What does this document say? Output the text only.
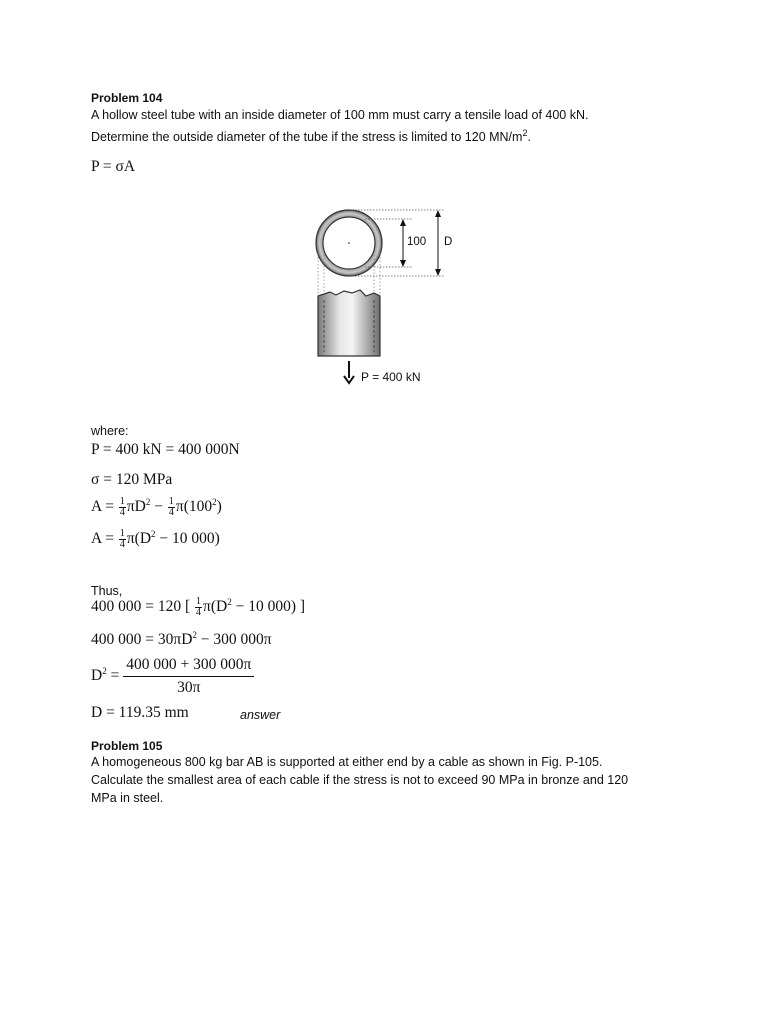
Problem 104
A hollow steel tube with an inside diameter of 100 mm must carry a tensile load of 400 kN.
Determine the outside diameter of the tube if the stress is limited to 120 $MN/m^2$.
P = σA
100 D
P = 400 kN
where:
P = 400 kN = 400 000N
σ = 120 MPa
$A = \frac{1}{4} \pi D^2 - \frac{1}{4} \pi(100^2)$
$A = \frac{1}{4} \pi(D^2 - 10$ 000)
Thus,
400 000 = 120 [ $\frac{1}{4} \pi(D^2 - 10$ 000) ]
400 $000 = 30\pi D^2 - 300$ 000π
$D^2 = \frac{400 000 + 300 000\pi}{30\pi}$
D = 119.35 mm	answer
Problem 105
A homogeneous 800 kg bar AB is supported at either end by a cable as shown in Fig. P-105.
Calculate the smallest area of each cable if the stress is not to exceed 90 MPa in bronze and 120
MPa in steel.
